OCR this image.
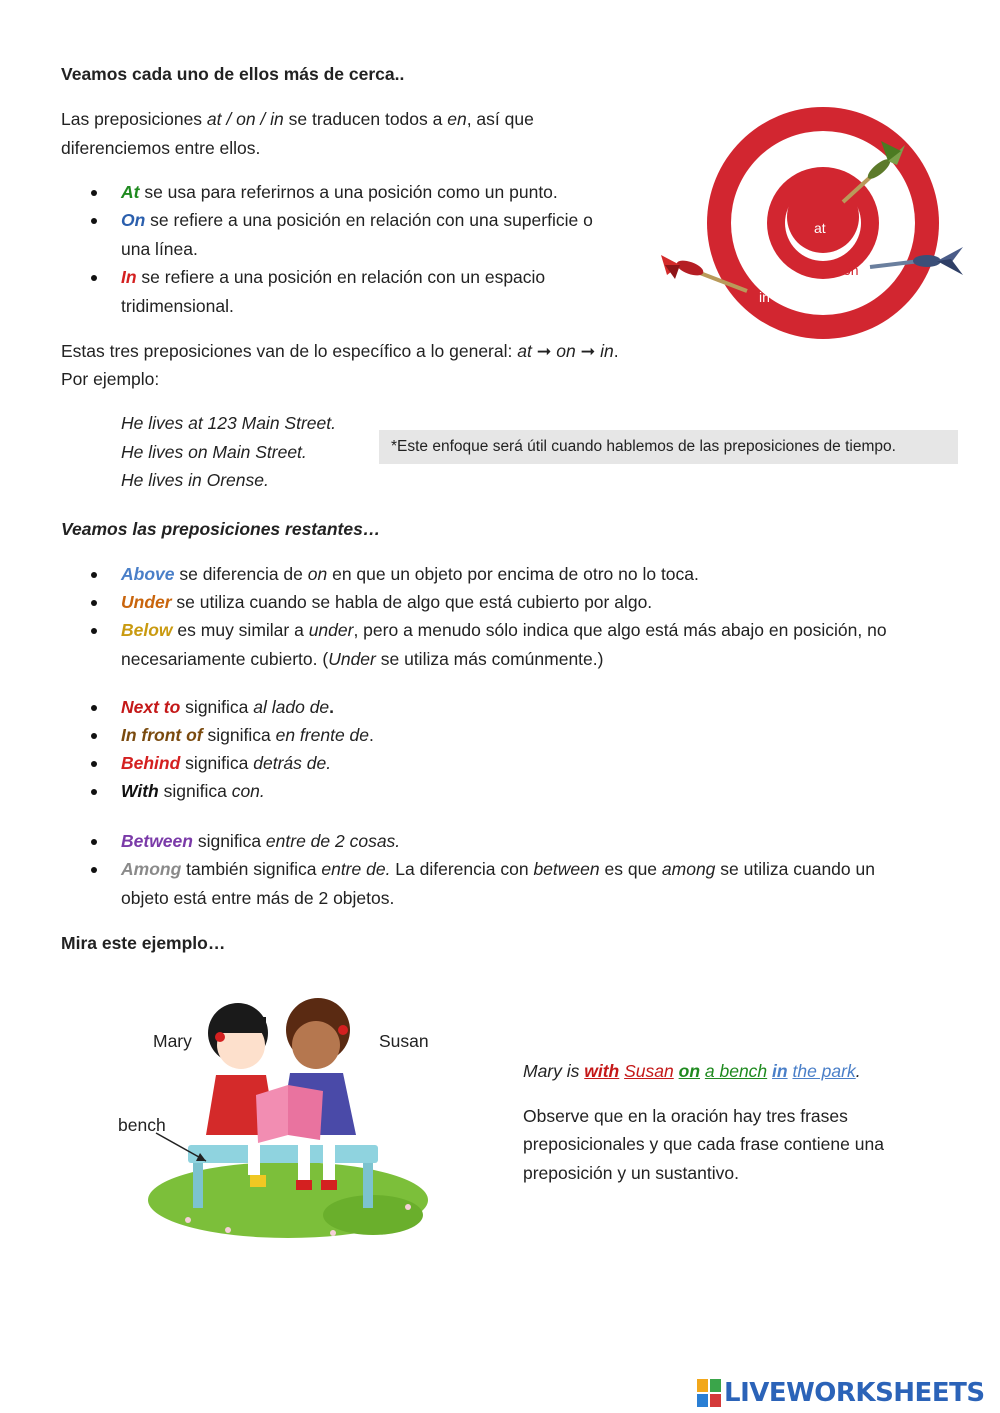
Veamos cada uno de ellos más de cerca..
Las preposiciones at / on / in se traducen todos a en, así que
diferenciemos entre ellos.
At se usa para referirnos a una posición como un punto.
On se refiere a una posición en relación con una superficie o
una línea.
In se refiere a una posición en relación con un espacio
tridimensional.
at
on
in
Estas tres preposiciones van de lo específico a lo general: at ➞ on ➞ in.
Por ejemplo:
He lives at 123 Main Street.
He lives on Main Street.
He lives in Orense.
*Este enfoque será útil cuando hablemos de las preposiciones de tiempo.
Veamos las preposiciones restantes…
Above se diferencia de on en que un objeto por encima de otro no lo toca.
Under se utiliza cuando se habla de algo que está cubierto por algo.
Below es muy similar a under, pero a menudo sólo indica que algo está más abajo en posición, no
necesariamente cubierto. (Under se utiliza más comúnmente.)
Next to significa al lado de.
In front of significa en frente de.
Behind significa detrás de.
With significa con.
Between significa entre de 2 cosas.
Among también significa entre de. La diferencia con between es que among se utiliza cuando un
objeto está entre más de 2 objetos.
Mira este ejemplo…
Mary	Susan
bench
Mary is with Susan on a bench in the park.
Observe que en la oración hay tres frases
preposicionales y que cada frase contiene una
preposición y un sustantivo.
LIVEWORKSHEETS
